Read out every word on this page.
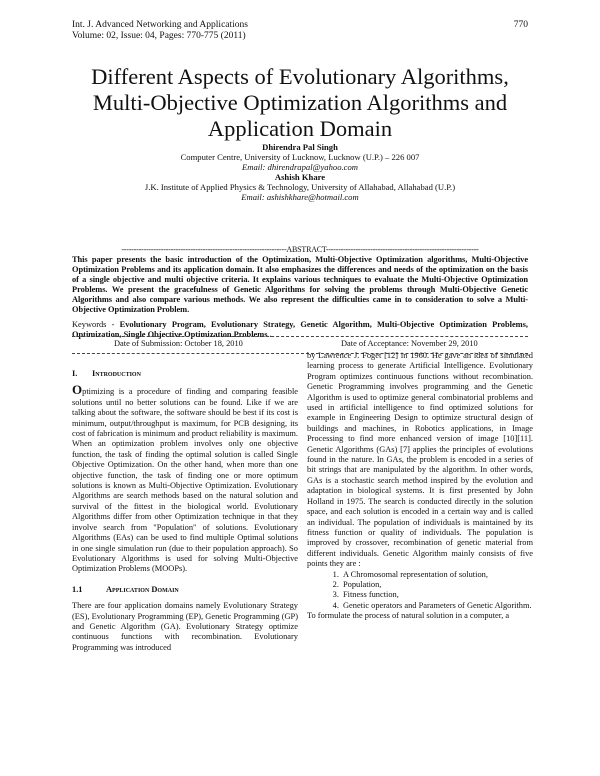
Int. J. Advanced Networking and Applications
Volume: 02, Issue: 04, Pages: 770-775 (2011)
770
Different Aspects of Evolutionary Algorithms,
Multi-Objective Optimization Algorithms and
Application Domain
Dhirendra Pal Singh
Computer Centre, University of Lucknow, Lucknow (U.P.) – 226 007
Email: dhirendrapal@yahoo.com
Ashish Khare
J.K. Institute of Applied Physics & Technology, University of Allahabad, Allahabad (U.P.)
Email: ashishkhare@hotmail.com
-------------------------------------------------------------------ABSTRACT--------------------------------------------------------------
This paper presents the basic introduction of the Optimization, Multi-Objective Optimization algorithms, Multi-Objective Optimization Problems and its application domain. It also emphasizes the differences and needs of the optimization on the basis of a single objective and multi objective criteria. It explains various techniques to evaluate the Multi-Objective Optimization Problems. We present the gracefulness of Genetic Algorithms for solving the problems through Multi-Objective Genetic Algorithms and also compare various methods. We also represent the difficulties came in to consideration to solve a Multi-Objective Optimization Problem.
Keywords - Evolutionary Program, Evolutionary Strategy, Genetic Algorithm, Multi-Objective Optimization Problems, Optimization, Single Objective Optimization Problems .
Date of Submission: October 18, 2010	Date of Acceptance: November 29, 2010
I. Introduction

Optimizing is a procedure of finding and comparing feasible solutions until no better solutions can be found. Like if we are talking about the software, the software should be best if its cost is minimum, output/throughput is maximum, for PCB designing, its cost of fabrication is minimum and product reliability is maximum. When an optimization problem involves only one objective function, the task of finding the optimal solution is called Single Objective Optimization. On the other hand, when more than one objective function, the task of finding one or more optimum solutions is known as Multi-Objective Optimization. Evolutionary Algorithms are search methods based on the natural solution and survival of the fittest in the biological world. Evolutionary Algorithms differ from other Optimization technique in that they involve search from "Population" of solutions. Evolutionary Algorithms (EAs) can be used to find multiple Optimal solutions in one single simulation run (due to their population approach). So Evolutionary Algorithms is used for solving Multi-Objective Optimization Problems (MOOPs).

1.1	Application Domain

There are four application domains namely Evolutionary Strategy (ES), Evolutionary Programming (EP), Genetic Programming (GP) and Genetic Algorithm (GA). Evolutionary Strategy optimize continuous functions with recombination. Evolutionary Programming was introduced

by Lawrence J. Foget [12] in 1960. He gave an idea of simulated learning process to generate Artificial Intelligence. Evolutionary Program optimizes continuous functions without recombination. Genetic Programming involves programming and the Genetic Algorithm is used to optimize general combinatorial problems and used in artificial intelligence to find optimized solutions for example in Engineering Design to optimize structural design of buildings and machines, in Robotics applications, in Image Processing to find more enhanced version of image [10][11]. Genetic Algorithms (GAs) [7] applies the principles of evolutions found in the nature. In GAs, the problem is encoded in a series of bit strings that are manipulated by the algorithm. In other words, GAs is a stochastic search method inspired by the evolution and adaptation in biological systems. It is first presented by John Holland in 1975. The search is conducted directly in the solution space, and each solution is encoded in a certain way and is called an individual. The population of individuals is maintained by its fitness function or quality of individuals. The population is improved by crossover, recombination of genetic material from different individuals. Genetic Algorithm mainly consists of five points they are :

1. A Chromosomal representation of solution,
2. Population,
3. Fitness function,
4. Genetic operators and Parameters of Genetic Algorithm.

To formulate the process of natural solution in a computer, a
